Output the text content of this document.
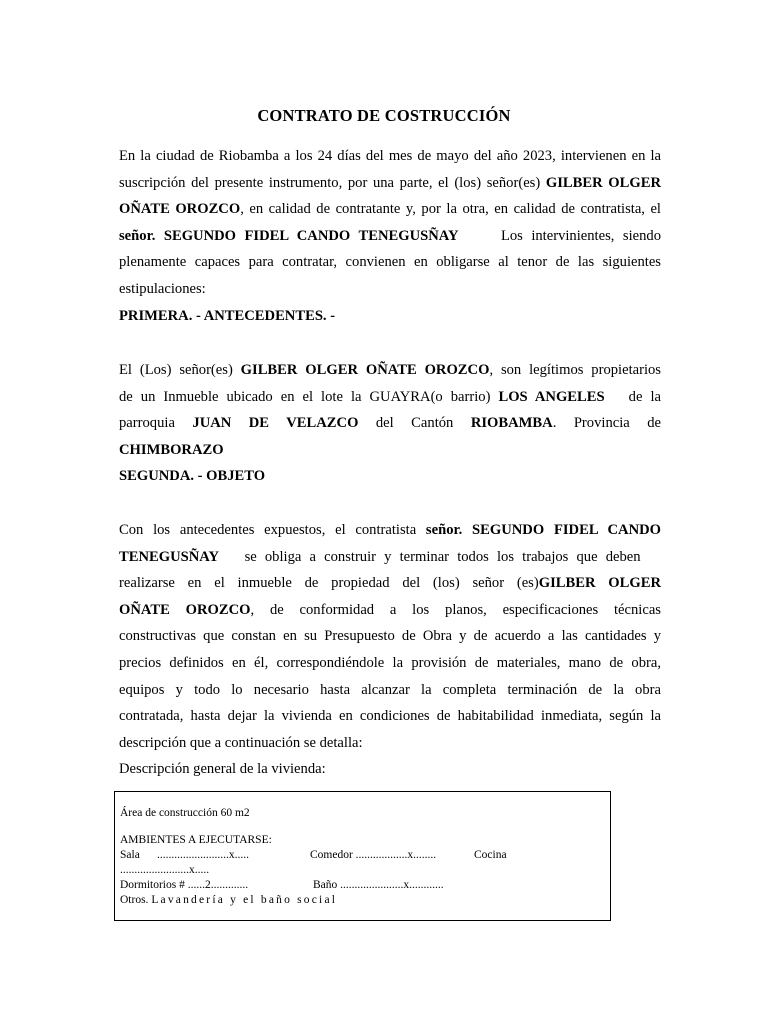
CONTRATO DE COSTRUCCIÓN
En la ciudad de Riobamba a los 24 días del mes de mayo del año 2023, intervienen en la
suscripción del presente instrumento, por una parte, el (los) señor(es) GILBER OLGER
OÑATE OROZCO, en calidad de contratante y, por la otra, en calidad de contratista, el
señor. SEGUNDO FIDEL CANDO TENEGUSÑAY	Los intervinientes, siendo
plenamente capaces para contratar, convienen en obligarse al tenor de las siguientes
estipulaciones:
PRIMERA. - ANTECEDENTES. -
El (Los) señor(es) GILBER OLGER OÑATE OROZCO, son legítimos propietarios
de un Inmueble ubicado en el lote la GUAYRA(o barrio) LOS ANGELES de la
parroquia JUAN DE VELAZCO del Cantón RIOBAMBA. Provincia de
CHIMBORAZO
SEGUNDA. - OBJETO
Con los antecedentes expuestos, el contratista señor. SEGUNDO FIDEL CANDO
TENEGUSÑAY se obliga a construir y terminar todos los trabajos que deben
realizarse en el inmueble de propiedad del (los) señor (es)GILBER OLGER
OÑATE OROZCO, de conformidad a los planos, especificaciones técnicas
constructivas que constan en su Presupuesto de Obra y de acuerdo a las cantidades y
precios definidos en él, correspondiéndole la provisión de materiales, mano de obra,
equipos y todo lo necesario hasta alcanzar la completa terminación de la obra
contratada, hasta dejar la vivienda en condiciones de habitabilidad inmediata, según la
descripción que a continuación se detalla:
Descripción general de la vivienda:
Área de construcción 60 m2
AMBIENTES A EJECUTARSE:
Sala      .........................x.....	Comedor ..................x........	Cocina
........................x.....
Dormitorios # ......2.............	Baño ......................x............
Otros. Lavandería y el baño social
